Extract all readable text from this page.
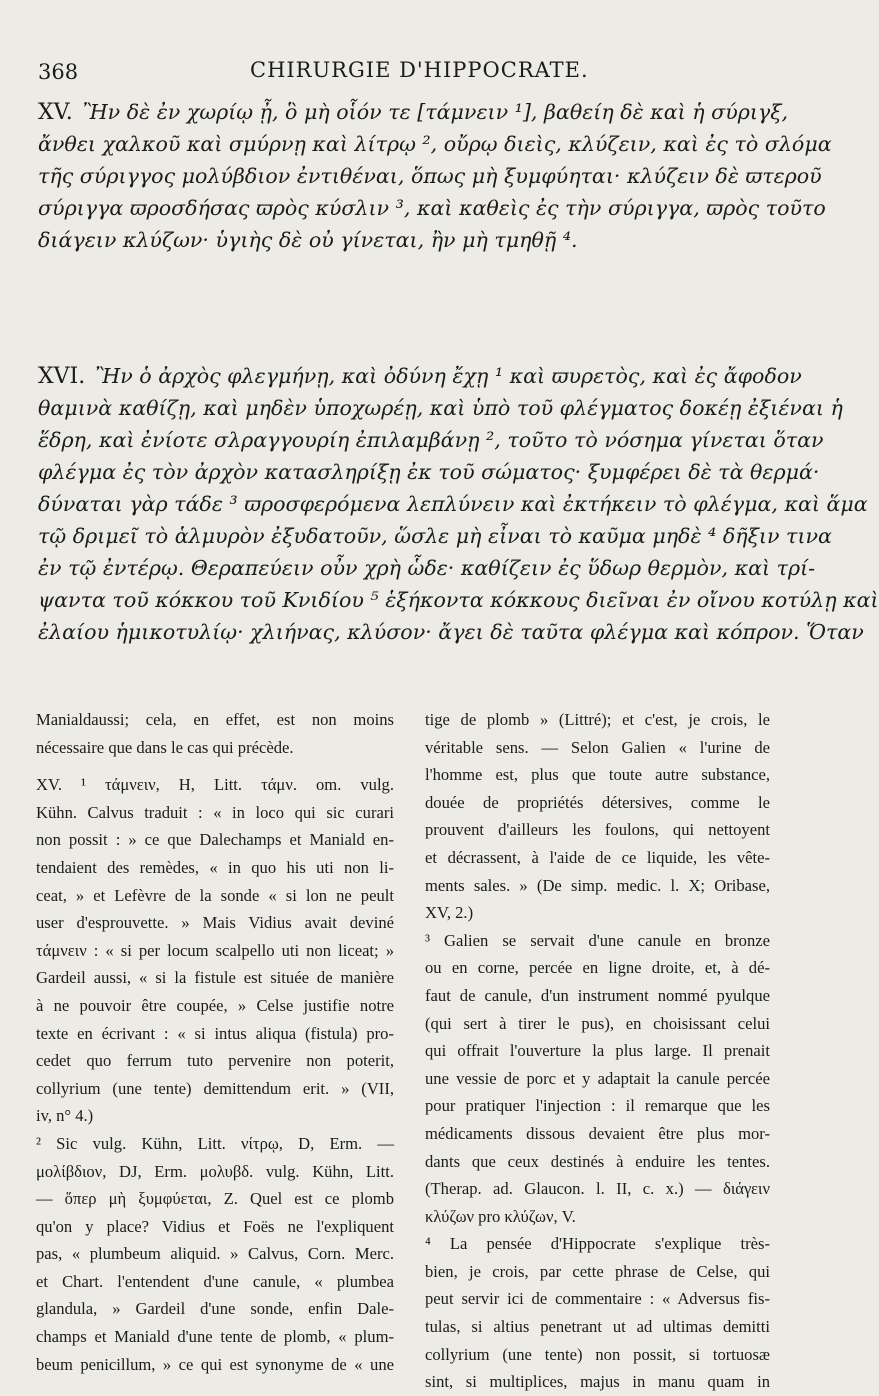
368	CHIRURGIE D'HIPPOCRATE.
XV. Ἢν δὲ ἐν χωρίῳ ᾖ, ὃ μὴ οἷόν τε [τάμνειν ¹], βαθείη δὲ καὶ ἡ σύριγξ,
ἄνθει χαλκοῦ καὶ σμύρνῃ καὶ λίτρῳ ², οὔρῳ διεὶς, κλύζειν, καὶ ἐς τὸ σλόμα
τῆς σύριγγος μολύβδιον ἐντιθέναι, ὅπως μὴ ξυμφύηται· κλύζειν δὲ ϖτεροῦ
σύριγγα ϖροσδήσας ϖρὸς κύσλιν ³, καὶ καθεὶς ἐς τὴν σύριγγα, ϖρὸς τοῦτο
διάγειν κλύζων· ὑγιὴς δὲ οὐ γίνεται, ἢν μὴ τμηθῇ ⁴.
XVI. Ἢν ὁ ἀρχὸς φλεγμήνῃ, καὶ ὀδύνη ἔχῃ ¹ καὶ ϖυρετὸς, καὶ ἐς ἄφοδον
θαμινὰ καθίζῃ, καὶ μηδὲν ὑποχωρέῃ, καὶ ὑπὸ τοῦ φλέγματος δοκέῃ ἐξιέναι ἡ
ἕδρη, καὶ ἐνίοτε σλραγγουρίη ἐπιλαμβάνῃ ², τοῦτο τὸ νόσημα γίνεται ὅταν
φλέγμα ἐς τὸν ἀρχὸν κατασληρίξῃ ἐκ τοῦ σώματος· ξυμφέρει δὲ τὰ θερμά·
δύναται γὰρ τάδε ³ ϖροσφερόμενα λεπλύνειν καὶ ἐκτήκειν τὸ φλέγμα, καὶ ἅμα
τῷ δριμεῖ τὸ ἁλμυρὸν ἐξυδατοῦν, ὥσλε μὴ εἶναι τὸ καῦμα μηδὲ ⁴ δῆξιν τινα
ἐν τῷ ἐντέρῳ. Θεραπεύειν οὖν χρὴ ὧδε· καθίζειν ἐς ὕδωρ θερμὸν, καὶ τρί-
ψαντα τοῦ κόκκου τοῦ Κνιδίου ⁵ ἑξήκοντα κόκκους διεῖναι ἐν οἴνου κοτύλῃ καὶ
ἐλαίου ἡμικοτυλίῳ· χλιήνας, κλύσον· ἄγει δὲ ταῦτα φλέγμα καὶ κόπρον. Ὅταν
Manialdaussi; cela, en effet, est non moins
nécessaire que dans le cas qui précède.
XV. ¹ τάμνειν, H, Litt. τάμν. om. vulg.
Kühn. Calvus traduit : « in loco qui sic curari
non possit : » ce que Dalechamps et Maniald en-
tendaient des remèdes, « in quo his uti non li-
ceat, » et Lefèvre de la sonde « si lon ne peult
user d'esprouvette. » Mais Vidius avait deviné
τάμνειν : « si per locum scalpello uti non liceat; »
Gardeil aussi, « si la fistule est située de manière
à ne pouvoir être coupée, » Celse justifie notre
texte en écrivant : « si intus aliqua (fistula) pro-
cedet quo ferrum tuto pervenire non poterit,
collyrium (une tente) demittendum erit. » (VII,
iv, n° 4.)
² Sic vulg. Kühn, Litt. νίτρῳ, D, Erm. —
μολίβδιον, DJ, Erm. μολυβδ. vulg. Kühn, Litt.
— ὅπερ μὴ ξυμφύεται, Z. Quel est ce plomb
qu'on y place? Vidius et Foës ne l'expliquent
pas, « plumbeum aliquid. » Calvus, Corn. Merc.
et Chart. l'entendent d'une canule, « plumbea
glandula, » Gardeil d'une sonde, enfin Dale-
champs et Maniald d'une tente de plomb, « plum-
beum penicillum, » ce qui est synonyme de « une
tige de plomb » (Littré); et c'est, je crois, le
véritable sens. — Selon Galien « l'urine de
l'homme est, plus que toute autre substance,
douée de propriétés détersives, comme le
prouvent d'ailleurs les foulons, qui nettoyent
et décrassent, à l'aide de ce liquide, les vête-
ments sales. » (De simp. medic. l. X; Oribase,
XV, 2.)
³ Galien se servait d'une canule en bronze
ou en corne, percée en ligne droite, et, à dé-
faut de canule, d'un instrument nommé pyulque
(qui sert à tirer le pus), en choisissant celui
qui offrait l'ouverture la plus large. Il prenait
une vessie de porc et y adaptait la canule percée
pour pratiquer l'injection : il remarque que les
médicaments dissous devaient être plus mor-
dants que ceux destinés à enduire les tentes.
(Therap. ad. Glaucon. l. II, c. x.) — διάγειν
κλύζων pro κλύζων, V.
⁴ La pensée d'Hippocrate s'explique très-
bien, je crois, par cette phrase de Celse, qui
peut servir ici de commentaire : « Adversus fis-
tulas, si altius penetrant ut ad ultimas demitti
collyrium (une tente) non possit, si tortuosæ
sint, si multiplices, majus in manu quam in
